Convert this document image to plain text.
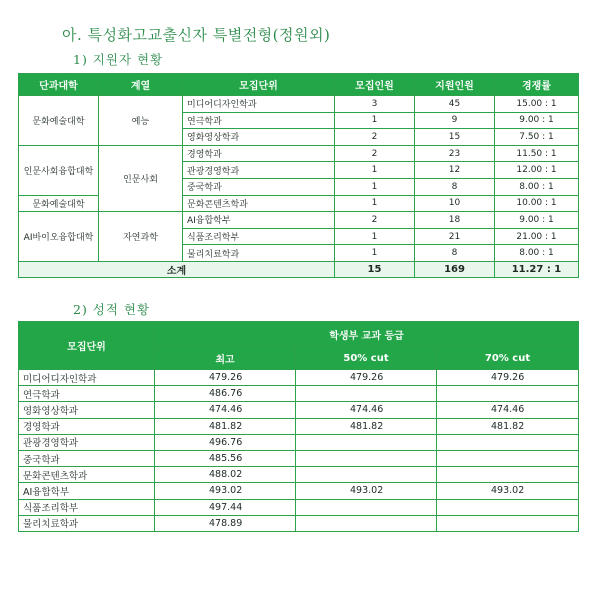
아. 특성화고교출신자 특별전형(정원외)
1) 지원자 현황
단과대학	계열	모집단위	모집인원	지원인원	경쟁률
문화예술대학	예능	미디어디자인학과	3	45	15.00 : 1
		연극학과	1	9	9.00 : 1
		영화영상학과	2	15	7.50 : 1
인문사회융합대학	인문사회	경영학과	2	23	11.50 : 1
		관광경영학과	1	12	12.00 : 1
		중국학과	1	8	8.00 : 1
문화예술대학		문화콘텐츠학과	1	10	10.00 : 1
AI바이오융합대학	자연과학	AI융합학부	2	18	9.00 : 1
		식품조리학부	1	21	21.00 : 1
		물리치료학과	1	8	8.00 : 1
소계			15	169	11.27 : 1
2) 성적 현황
모집단위	학생부 교과 등급		
	최고	50% cut	70% cut
미디어디자인학과	479.26	479.26	479.26
연극학과	486.76		
영화영상학과	474.46	474.46	474.46
경영학과	481.82	481.82	481.82
관광경영학과	496.76		
중국학과	485.56		
문화콘텐츠학과	488.02		
AI융합학부	493.02	493.02	493.02
식품조리학부	497.44		
물리치료학과	478.89		
